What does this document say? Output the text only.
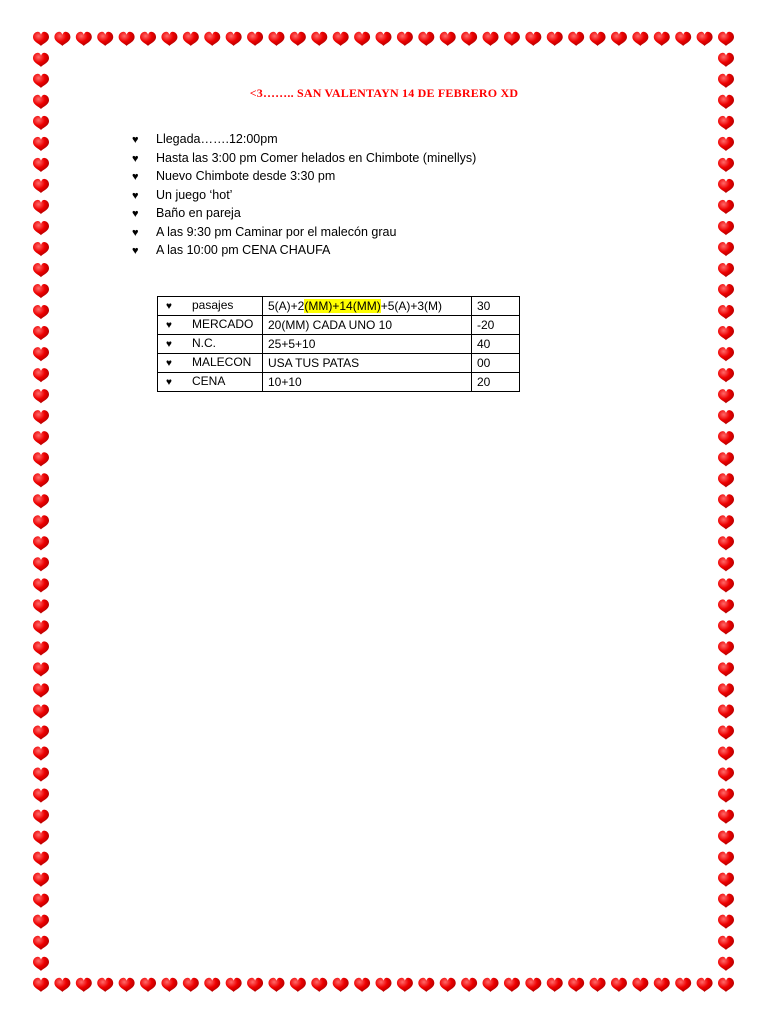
<3…….. SAN VALENTAYN 14 DE FEBRERO XD
♥ Llegada…….12:00pm
♥ Hasta las 3:00 pm Comer helados en Chimbote (minellys)
♥ Nuevo Chimbote desde 3:30 pm
♥ Un juego ‘hot’
♥ Baño en pareja
♥ A las 9:30 pm Caminar por el malecón grau
♥ A las 10:00 pm CENA CHAUFA
♥ pasajes	5(A)+2(MM)+14(MM)+5(A)+3(M)	30
♥ MERCADO	20(MM) CADA UNO 10	-20
♥ N.C.	25+5+10	40
♥ MALECON	USA TUS PATAS	00
♥ CENA	10+10	20
